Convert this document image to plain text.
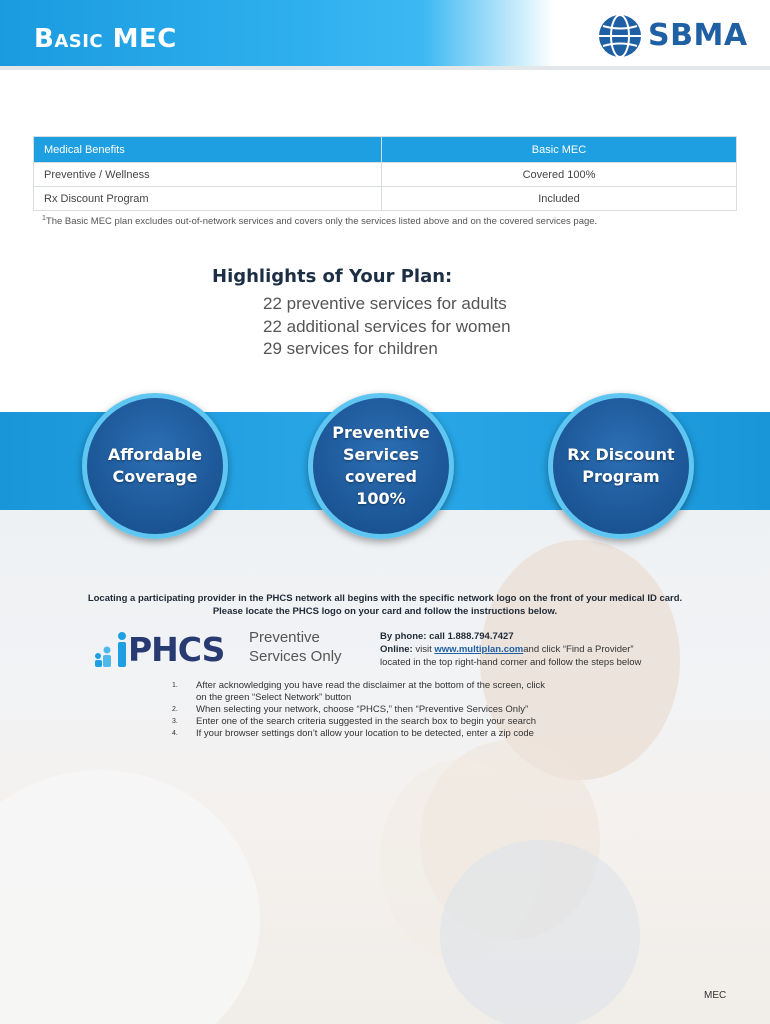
Basic MEC	SBMA
Medical Benefits	Basic MEC
Preventive / Wellness	Covered 100%
Rx Discount Program	Included
$^1$The Basic MEC plan excludes out-of-network services and covers only the services listed above and on the covered services page.
Highlights of Your Plan:
22 preventive services for adults
22 additional services for women
29 services for children
Affordable
Coverage
Preventive
Services
covered
100%
Rx Discount
Program
Locating a participating provider in the PHCS network all begins with the specific network logo on the front of your medical ID card.
Please locate the PHCS logo on your card and follow the instructions below.
PHCS Preventive
Services Only
By phone: call 1.888.794.7427
Online: visit www.multiplan.comand click “Find a Provider”
located in the top right-hand corner and follow the steps below
1. After acknowledging you have read the disclaimer at the bottom of the screen, click
on the green “Select Network” button
2. When selecting your network, choose “PHCS,” then “Preventive Services Only”
3. Enter one of the search criteria suggested in the search box to begin your search
4. If your browser settings don’t allow your location to be detected, enter a zip code
MEC
